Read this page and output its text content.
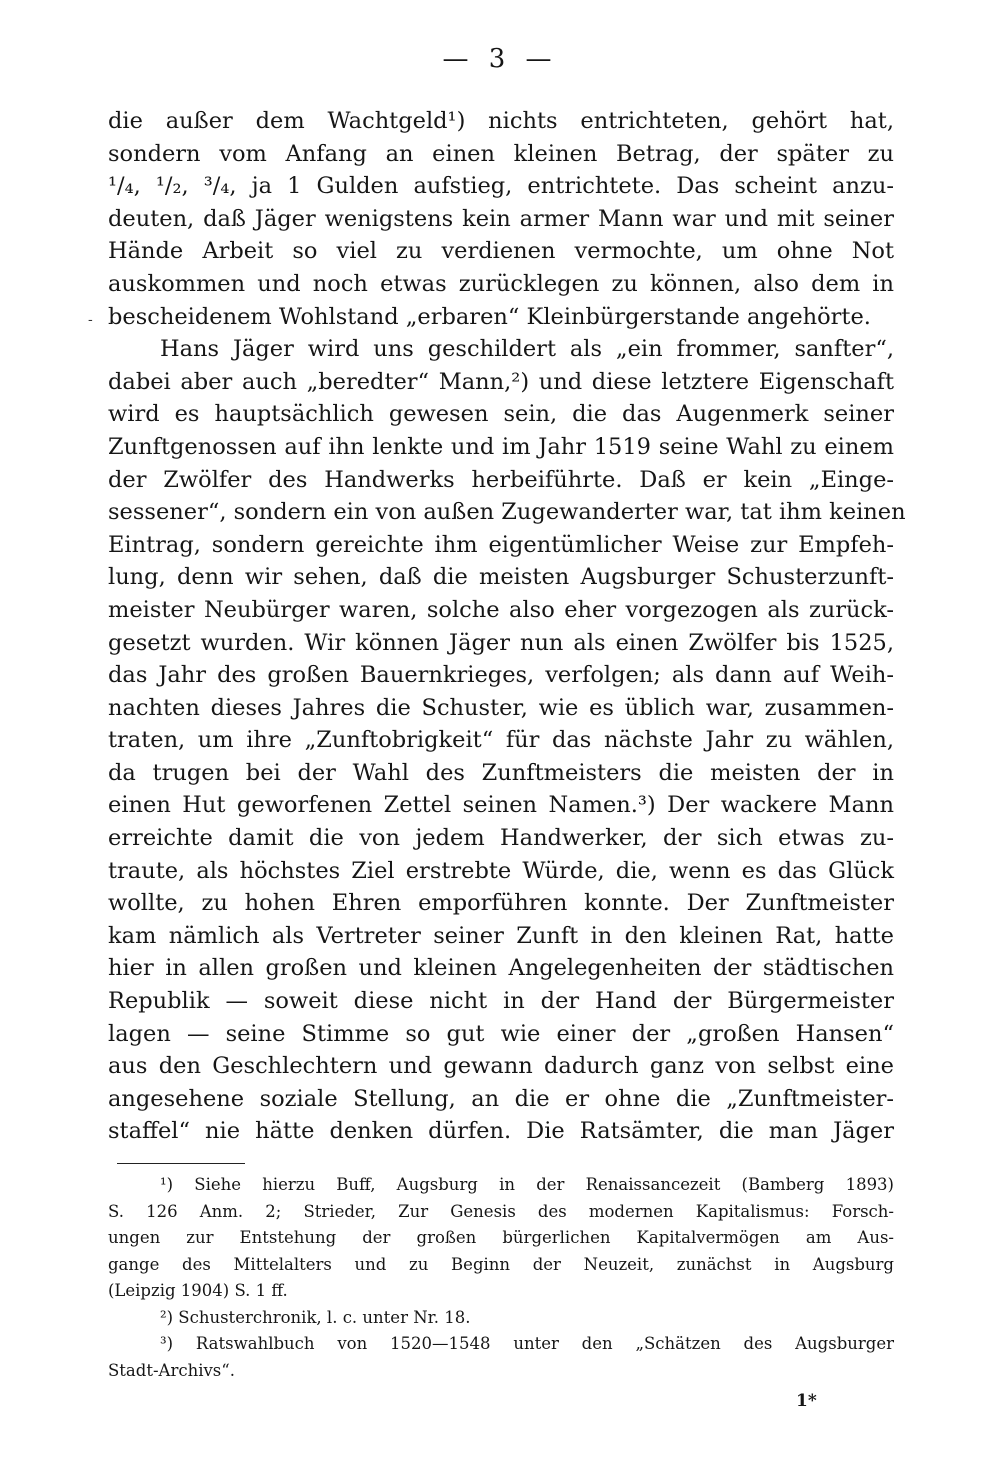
— 3 —
-
die außer dem Wachtgeld¹) nichts entrichteten, gehört hat,
sondern vom Anfang an einen kleinen Betrag, der später zu
¹/₄, ¹/₂, ³/₄, ja 1 Gulden aufstieg, entrichtete. Das scheint anzu-
deuten, daß Jäger wenigstens kein armer Mann war und mit seiner
Hände Arbeit so viel zu verdienen vermochte, um ohne Not
auskommen und noch etwas zurücklegen zu können, also dem in
bescheidenem Wohlstand „erbaren“ Kleinbürgerstande angehörte.
Hans Jäger wird uns geschildert als „ein frommer, sanfter“,
dabei aber auch „beredter“ Mann,²) und diese letztere Eigenschaft
wird es hauptsächlich gewesen sein, die das Augenmerk seiner
Zunftgenossen auf ihn lenkte und im Jahr 1519 seine Wahl zu einem
der Zwölfer des Handwerks herbeiführte. Daß er kein „Einge-
sessener“, sondern ein von außen Zugewanderter war, tat ihm keinen
Eintrag, sondern gereichte ihm eigentümlicher Weise zur Empfeh-
lung, denn wir sehen, daß die meisten Augsburger Schusterzunft-
meister Neubürger waren, solche also eher vorgezogen als zurück-
gesetzt wurden. Wir können Jäger nun als einen Zwölfer bis 1525,
das Jahr des großen Bauernkrieges, verfolgen; als dann auf Weih-
nachten dieses Jahres die Schuster, wie es üblich war, zusammen-
traten, um ihre „Zunftobrigkeit“ für das nächste Jahr zu wählen,
da trugen bei der Wahl des Zunftmeisters die meisten der in
einen Hut geworfenen Zettel seinen Namen.³) Der wackere Mann
erreichte damit die von jedem Handwerker, der sich etwas zu-
traute, als höchstes Ziel erstrebte Würde, die, wenn es das Glück
wollte, zu hohen Ehren emporführen konnte. Der Zunftmeister
kam nämlich als Vertreter seiner Zunft in den kleinen Rat, hatte
hier in allen großen und kleinen Angelegenheiten der städtischen
Republik — soweit diese nicht in der Hand der Bürgermeister
lagen — seine Stimme so gut wie einer der „großen Hansen“
aus den Geschlechtern und gewann dadurch ganz von selbst eine
angesehene soziale Stellung, an die er ohne die „Zunftmeister-
staffel“ nie hätte denken dürfen. Die Ratsämter, die man Jäger
¹) Siehe hierzu Buff, Augsburg in der Renaissancezeit (Bamberg 1893)
S. 126 Anm. 2; Strieder, Zur Genesis des modernen Kapitalismus: Forsch-
ungen zur Entstehung der großen bürgerlichen Kapitalvermögen am Aus-
gange des Mittelalters und zu Beginn der Neuzeit, zunächst in Augsburg
(Leipzig 1904) S. 1 ff.
²) Schusterchronik, l. c. unter Nr. 18.
³) Ratswahlbuch von 1520—1548 unter den „Schätzen des Augsburger
Stadt-Archivs“.
1*
